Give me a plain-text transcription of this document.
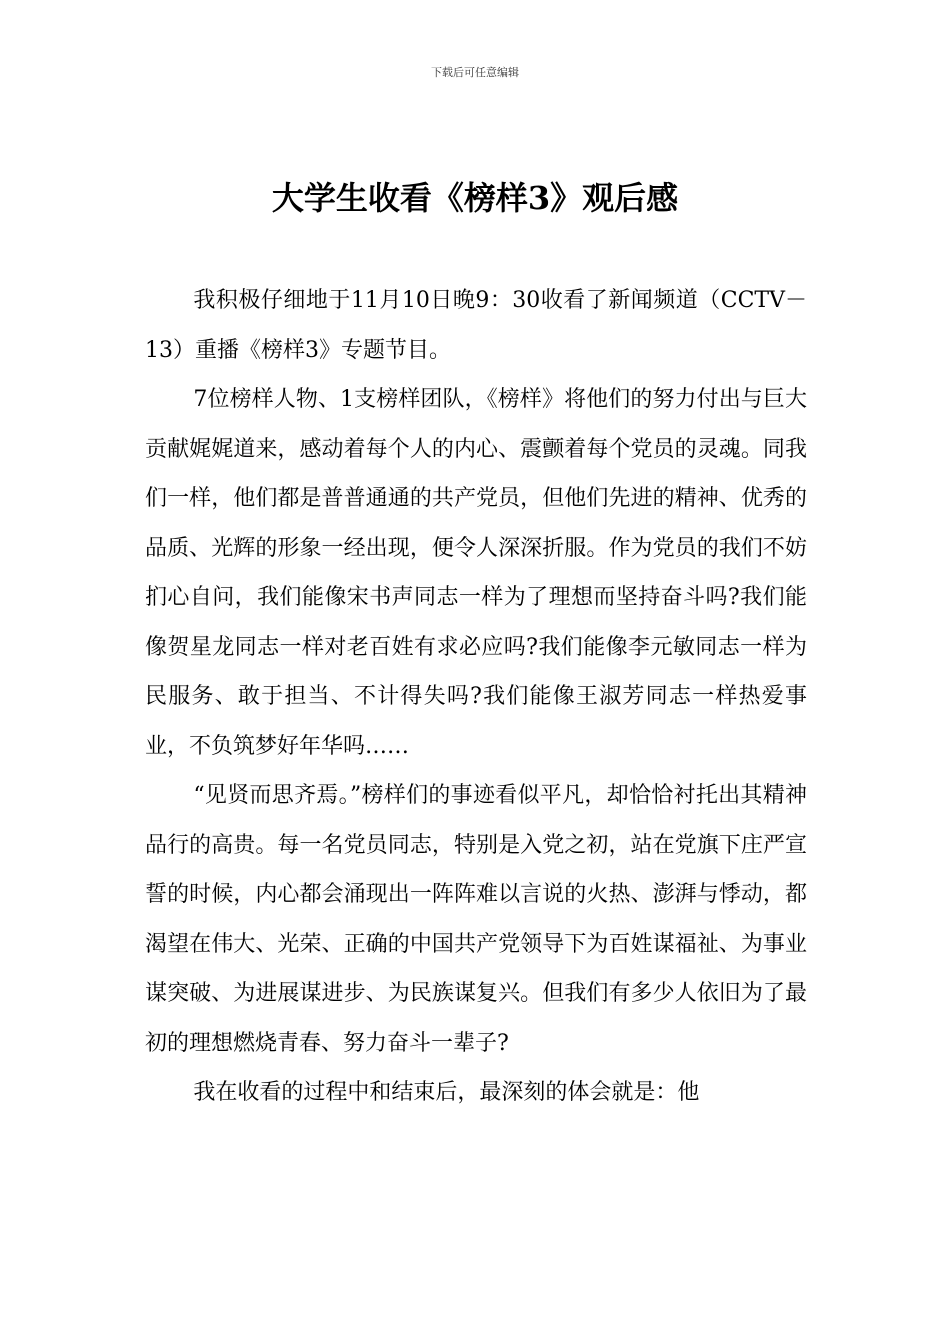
下载后可任意编辑
大学生收看《榜样3》观后感

我积极仔细地于11月10日晚9：30收看了新闻频道（CCTV－13）重播《榜样3》专题节目。

7位榜样人物、1支榜样团队，《榜样》将他们的努力付出与巨大贡献娓娓道来，感动着每个人的内心、震颤着每个党员的灵魂。同我们一样，他们都是普普通通的共产党员，但他们先进的精神、优秀的品质、光辉的形象一经出现，便令人深深折服。作为党员的我们不妨扪心自问，我们能像宋书声同志一样为了理想而坚持奋斗吗?我们能像贺星龙同志一样对老百姓有求必应吗?我们能像李元敏同志一样为民服务、敢于担当、不计得失吗?我们能像王淑芳同志一样热爱事业，不负筑梦好年华吗……

“见贤而思齐焉。”榜样们的事迹看似平凡，却恰恰衬托出其精神品行的高贵。每一名党员同志，特别是入党之初，站在党旗下庄严宣誓的时候，内心都会涌现出一阵阵难以言说的火热、澎湃与悸动，都渴望在伟大、光荣、正确的中国共产党领导下为百姓谋福祉、为事业谋突破、为进展谋进步、为民族谋复兴。但我们有多少人依旧为了最初的理想燃烧青春、努力奋斗一辈子?

我在收看的过程中和结束后，最深刻的体会就是：他
